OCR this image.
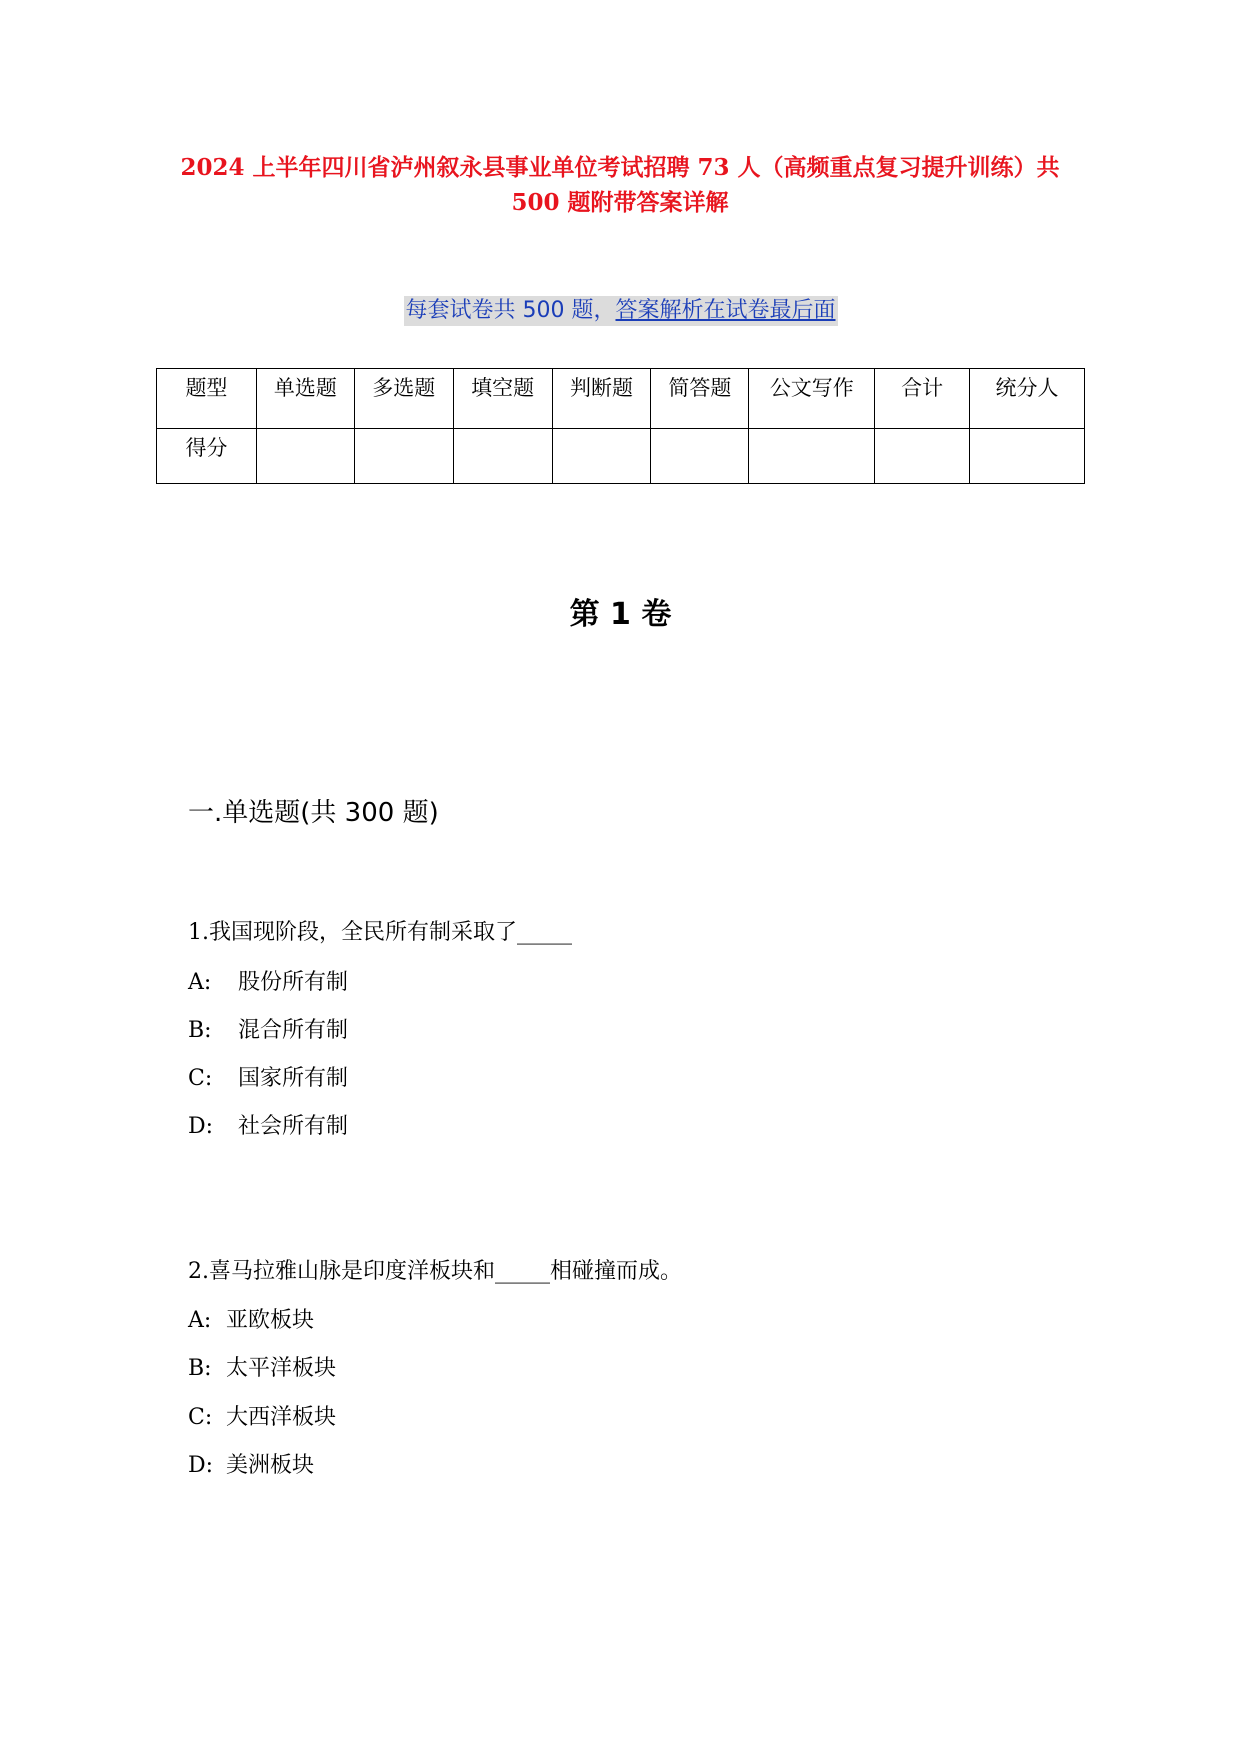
2024 上半年四川省泸州叙永县事业单位考试招聘 73 人（高频重点复习提升训练）共 500 题附带答案详解
每套试卷共 500 题，答案解析在试卷最后面
题型	单选题	多选题	填空题	判断题	简答题	公文写作	合计	统分人
得分								
第 1 卷
一.单选题(共 300 题)
1.我国现阶段，全民所有制采取了_____
A: 股份所有制
B: 混合所有制
C: 国家所有制
D: 社会所有制
2.喜马拉雅山脉是印度洋板块和_____相碰撞而成。
A: 亚欧板块
B: 太平洋板块
C: 大西洋板块
D: 美洲板块
